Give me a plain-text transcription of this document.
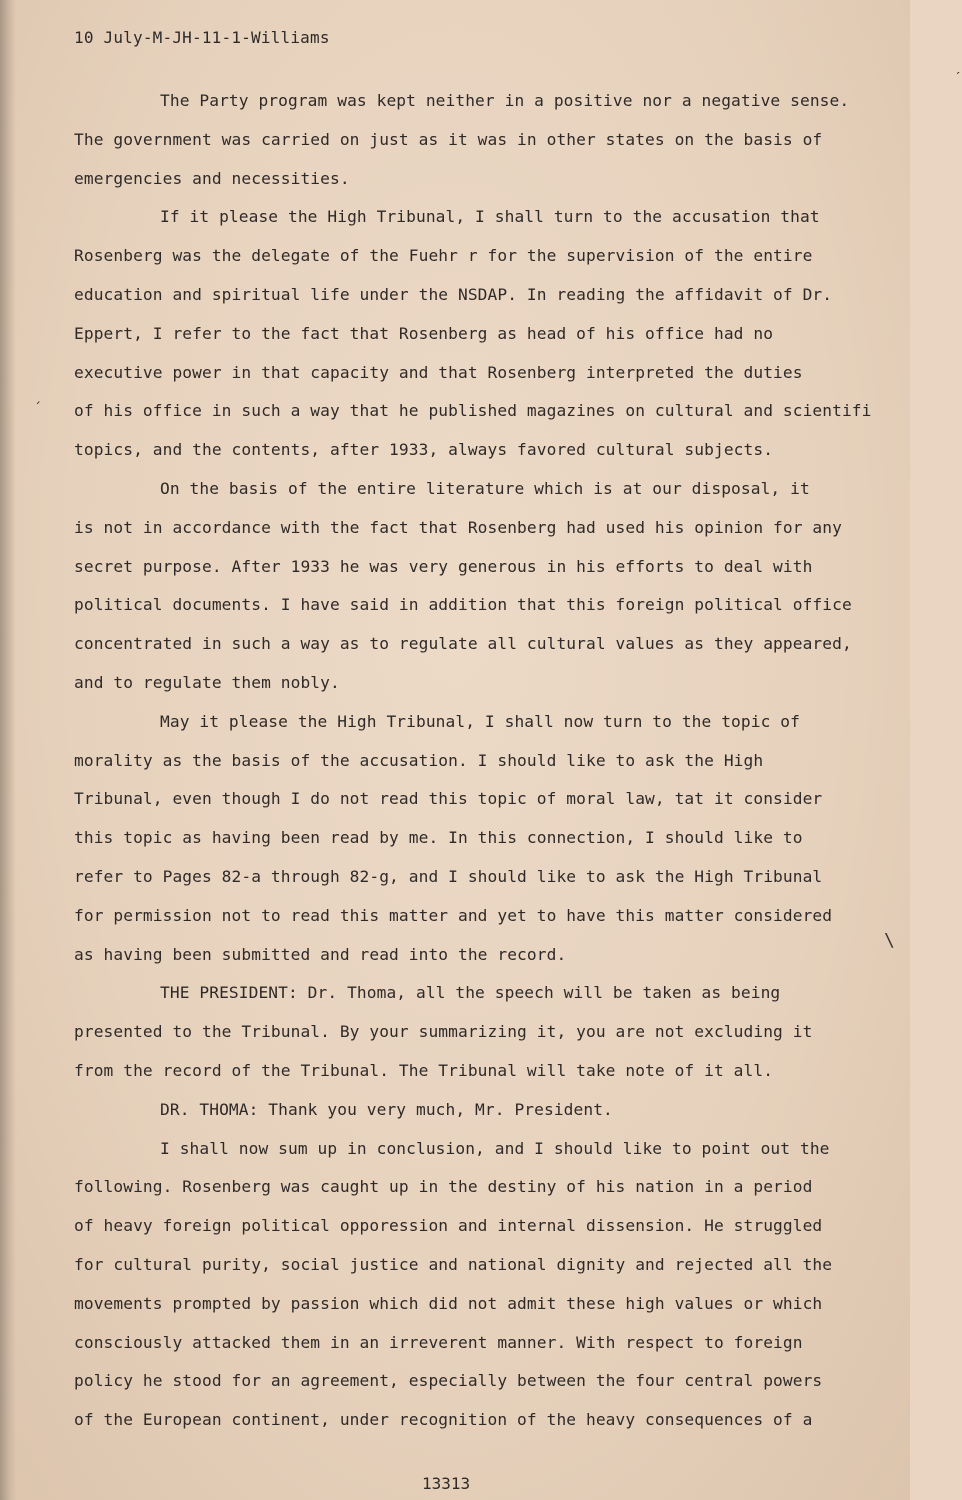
10 July-M-JH-11-1-Williams
The Party program was kept neither in a positive nor a negative sense.
The government was carried on just as it was in other states on the basis of
emergencies and necessities.
If it please the High Tribunal, I shall turn to the accusation that
Rosenberg was the delegate of the Fuehr r for the supervision of the entire
education and spiritual life under the NSDAP. In reading the affidavit of Dr.
Eppert, I refer to the fact that Rosenberg as head of his office had no
executive power in that capacity and that Rosenberg interpreted the duties
of his office in such a way that he published magazines on cultural and scientifi
topics, and the contents, after 1933, always favored cultural subjects.
On the basis of the entire literature which is at our disposal, it
is not in accordance with the fact that Rosenberg had used his opinion for any
secret purpose. After 1933 he was very generous in his efforts to deal with
political documents. I have said in addition that this foreign political office
concentrated in such a way as to regulate all cultural values as they appeared,
and to regulate them nobly.
May it please the High Tribunal, I shall now turn to the topic of
morality as the basis of the accusation. I should like to ask the High
Tribunal, even though I do not read this topic of moral law, tat it consider
this topic as having been read by me. In this connection, I should like to
refer to Pages 82-a through 82-g, and I should like to ask the High Tribunal
for permission not to read this matter and yet to have this matter considered
as having been submitted and read into the record.
THE PRESIDENT: Dr. Thoma, all the speech will be taken as being
presented to the Tribunal. By your summarizing it, you are not excluding it
from the record of the Tribunal. The Tribunal will take note of it all.
DR. THOMA: Thank you very much, Mr. President.
I shall now sum up in conclusion, and I should like to point out the
following. Rosenberg was caught up in the destiny of his nation in a period
of heavy foreign political opporession and internal dissension. He struggled
for cultural purity, social justice and national dignity and rejected all the
movements prompted by passion which did not admit these high values or which
consciously attacked them in an irreverent manner. With respect to foreign
policy he stood for an agreement, especially between the four central powers
of the European continent, under recognition of the heavy consequences of a
ˊ
\
ˏ
13313
